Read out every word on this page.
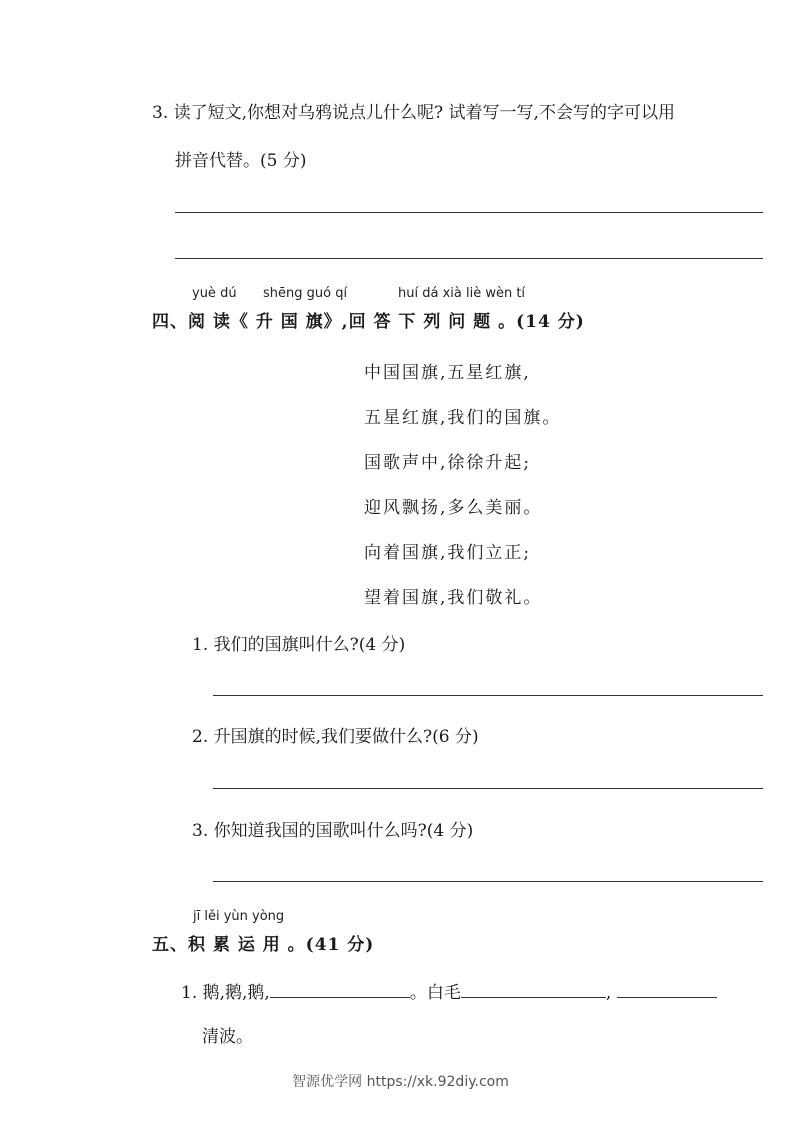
3. 读了短文,你想对乌鸦说点儿什么呢? 试着写一写,不会写的字可以用
拼音代替。(5 分)
yuè dú shēng guó qí	huí dá xià liè wèn tí
四、阅 读《 升 国 旗》,回 答 下 列 问 题 。(14 分)
中国国旗,五星红旗,
五星红旗,我们的国旗。
国歌声中,徐徐升起;
迎风飘扬,多么美丽。
向着国旗,我们立正;
望着国旗,我们敬礼。
1. 我们的国旗叫什么?(4 分)
2. 升国旗的时候,我们要做什么?(6 分)
3. 你知道我国的国歌叫什么吗?(4 分)
jī lěi yùn yòng
五、积 累 运 用 。(41 分)
1. 鹅,鹅,鹅,	。白毛	,
清波。
智源优学网 https://xk.92diy.com
